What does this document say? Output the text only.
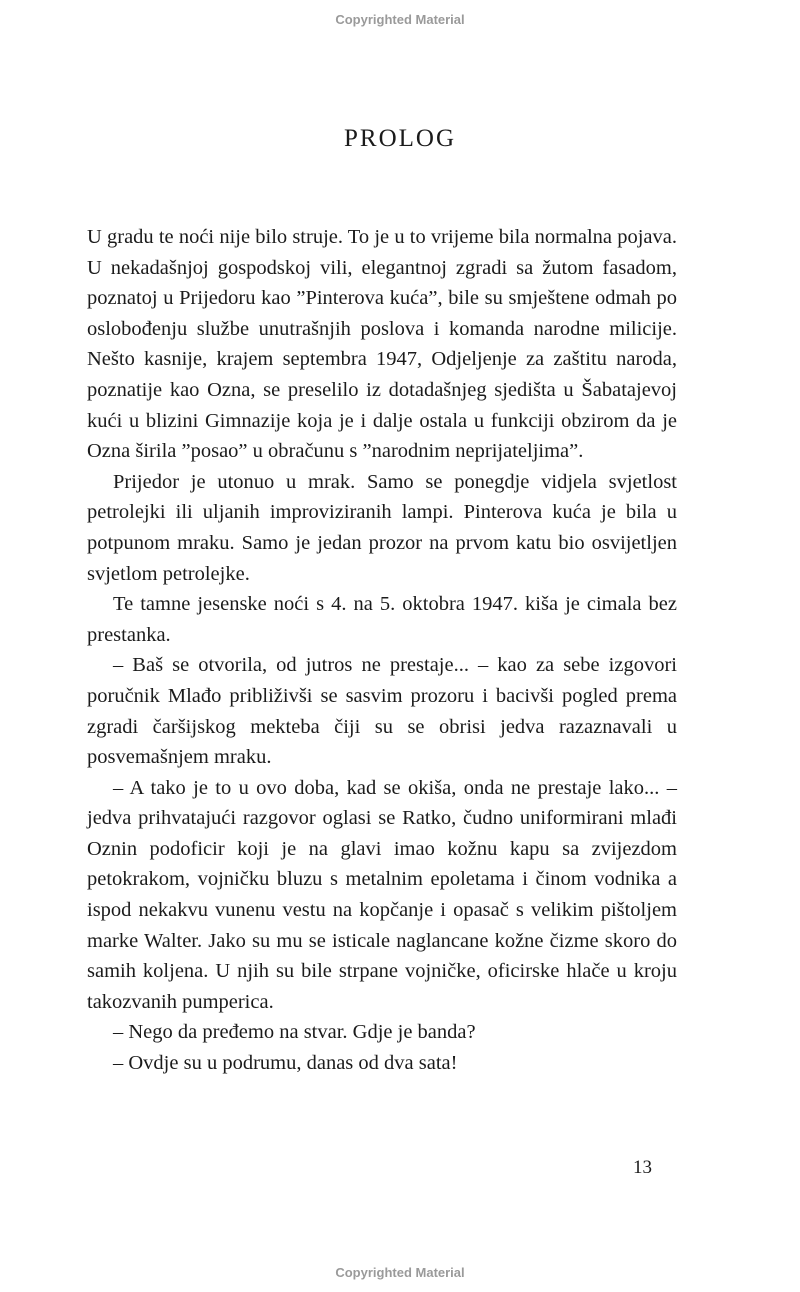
Copyrighted Material
PROLOG

U gradu te noći nije bilo struje. To je u to vrijeme bila normalna pojava. U nekadašnjoj gospodskoj vili, elegantnoj zgradi sa žutom fasadom, poznatoj u Prijedoru kao ”Pinterova kuća”, bile su smještene odmah po oslobođenju službe unutrašnjih poslova i komanda narodne milicije. Nešto kasnije, krajem septembra 1947, Odjeljenje za zaštitu naroda, poznatije kao Ozna, se preselilo iz dotadašnjeg sjedišta u Šabatajevoj kući u blizini Gimnazije koja je i dalje ostala u funkciji obzirom da je Ozna širila ”posao” u obračunu s ”narodnim neprijateljima”.

Prijedor je utonuo u mrak. Samo se ponegdje vidjela svjetlost petrolejki ili uljanih improviziranih lampi. Pinterova kuća je bila u potpunom mraku. Samo je jedan prozor na prvom katu bio osvijetljen svjetlom petrolejke.

Te tamne jesenske noći s 4. na 5. oktobra 1947. kiša je cimala bez prestanka.

– Baš se otvorila, od jutros ne prestaje... – kao za sebe izgovori poručnik Mlađo približivši se sasvim prozoru i bacivši pogled prema zgradi čaršijskog mekteba čiji su se obrisi jedva razaznavali u posvemašnjem mraku.

– A tako je to u ovo doba, kad se okiša, onda ne prestaje lako... – jedva prihvatajući razgovor oglasi se Ratko, čudno uniformirani mlađi Oznin podoficir koji je na glavi imao kožnu kapu sa zvijezdom petokrakom, vojničku bluzu s metalnim epoletama i činom vodnika a ispod nekakvu vunenu vestu na kopčanje i opasač s velikim pištoljem marke Walter. Jako su mu se isticale naglancane kožne čizme skoro do samih koljena. U njih su bile strpane vojničke, oficirske hlače u kroju takozvanih pumperica.

– Nego da pređemo na stvar. Gdje je banda?

– Ovdje su u podrumu, danas od dva sata!

13
Copyrighted Material
